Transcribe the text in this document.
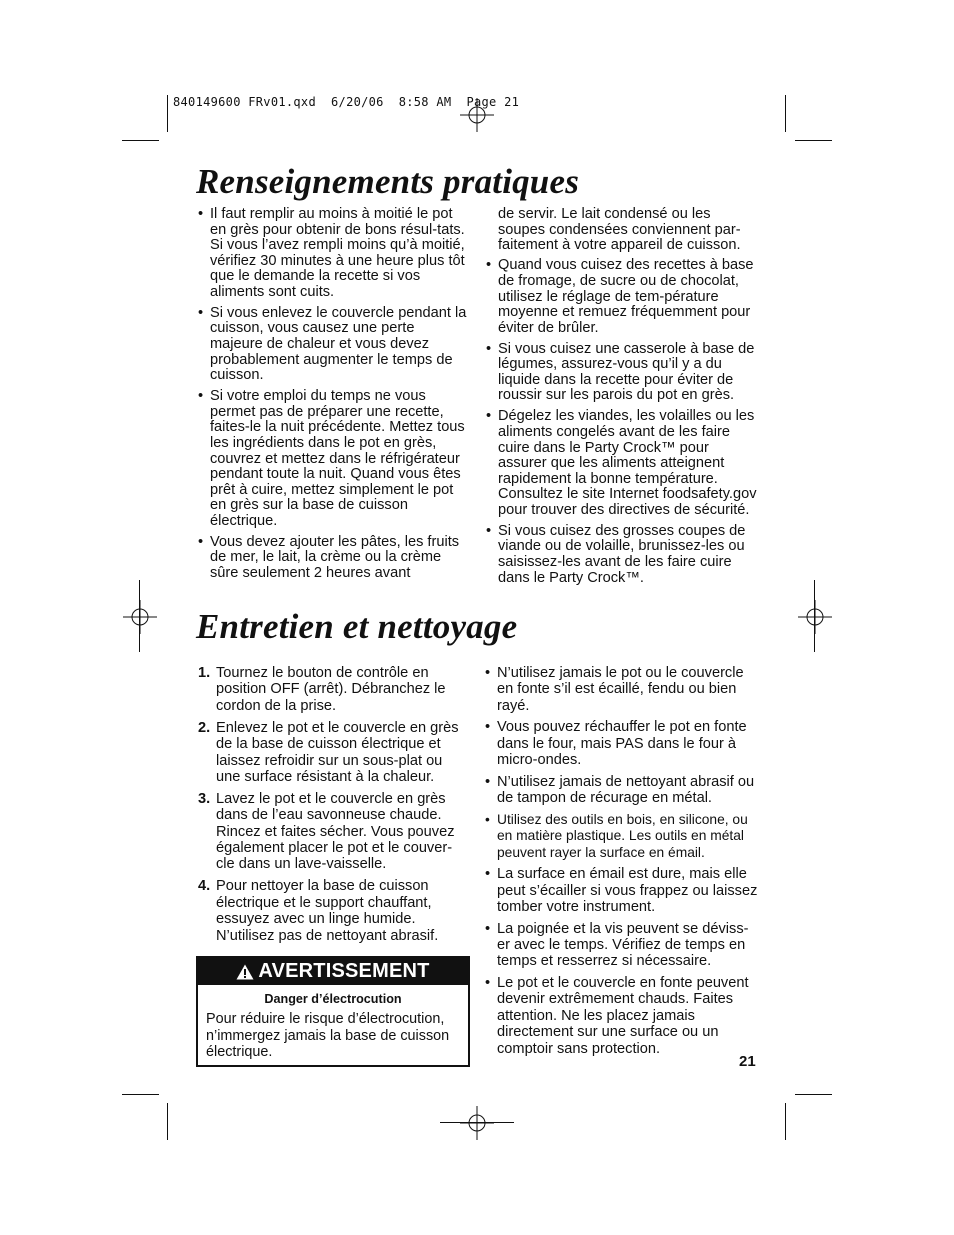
840149600 FRv01.qxd  6/20/06  8:58 AM  Page 21
Renseignements pratiques
• Il faut remplir au moins à moitié le pot en grès pour obtenir de bons résul-tats. Si vous l’avez rempli moins qu’à moitié, vérifiez 30 minutes à une heure plus tôt que le demande la recette si vos aliments sont cuits.
• Si vous enlevez le couvercle pendant la cuisson, vous causez une perte majeure de chaleur et vous devez probablement augmenter le temps de cuisson.
• Si votre emploi du temps ne vous permet pas de préparer une recette, faites-le la nuit précédente. Mettez tous les ingrédients dans le pot en grès, couvrez et mettez dans le réfrigérateur pendant toute la nuit. Quand vous êtes prêt à cuire, mettez simplement le pot en grès sur la base de cuisson électrique.
• Vous devez ajouter les pâtes, les fruits de mer, le lait, la crème ou la crème sûre seulement 2 heures avant

de servir. Le lait condensé ou les soupes condensées conviennent par-faitement à votre appareil de cuisson.

• Quand vous cuisez des recettes à base de fromage, de sucre ou de chocolat, utilisez le réglage de tem-pérature moyenne et remuez fréquemment pour éviter de brûler.
• Si vous cuisez une casserole à base de légumes, assurez-vous qu’il y a du liquide dans la recette pour éviter de roussir sur les parois du pot en grès.
• Dégelez les viandes, les volailles ou les aliments congelés avant de les faire cuire dans le Party Crock™ pour assurer que les aliments atteignent rapidement la bonne température. Consultez le site Internet foodsafety.gov pour trouver des directives de sécurité.
• Si vous cuisez des grosses coupes de viande ou de volaille, brunissez-les ou saisissez-les avant de les faire cuire dans le Party Crock™.
Entretien et nettoyage
1. Tournez le bouton de contrôle en position OFF (arrêt). Débranchez le cordon de la prise.
2. Enlevez le pot et le couvercle en grès de la base de cuisson électrique et laissez refroidir sur un sous-plat ou une surface résistant à la chaleur.
3. Lavez le pot et le couvercle en grès dans de l’eau savonneuse chaude. Rincez et faites sécher. Vous pouvez également placer le pot et le couver-cle dans un lave-vaisselle.
4. Pour nettoyer la base de cuisson électrique et le support chauffant, essuyez avec un linge humide. N’utilisez pas de nettoyant abrasif.
AVERTISSEMENT
Danger d’électrocution
Pour réduire le risque d’électrocution, n’immergez jamais la base de cuisson électrique.
• N’utilisez jamais le pot ou le couvercle en fonte s’il est écaillé, fendu ou bien rayé.
• Vous pouvez réchauffer le pot en fonte dans le four, mais PAS dans le four à micro-ondes.
• N’utilisez jamais de nettoyant abrasif ou de tampon de récurage en métal.
• Utilisez des outils en bois, en silicone, ou en matière plastique. Les outils en métal peuvent rayer la surface en émail.
• La surface en émail est dure, mais elle peut s’écailler si vous frappez ou laissez tomber votre instrument.
• La poignée et la vis peuvent se déviss-er avec le temps. Vérifiez de temps en temps et resserrez si nécessaire.
• Le pot et le couvercle en fonte peuvent devenir extrêmement chauds. Faites attention. Ne les placez jamais directement sur une surface ou un comptoir sans protection.
21
